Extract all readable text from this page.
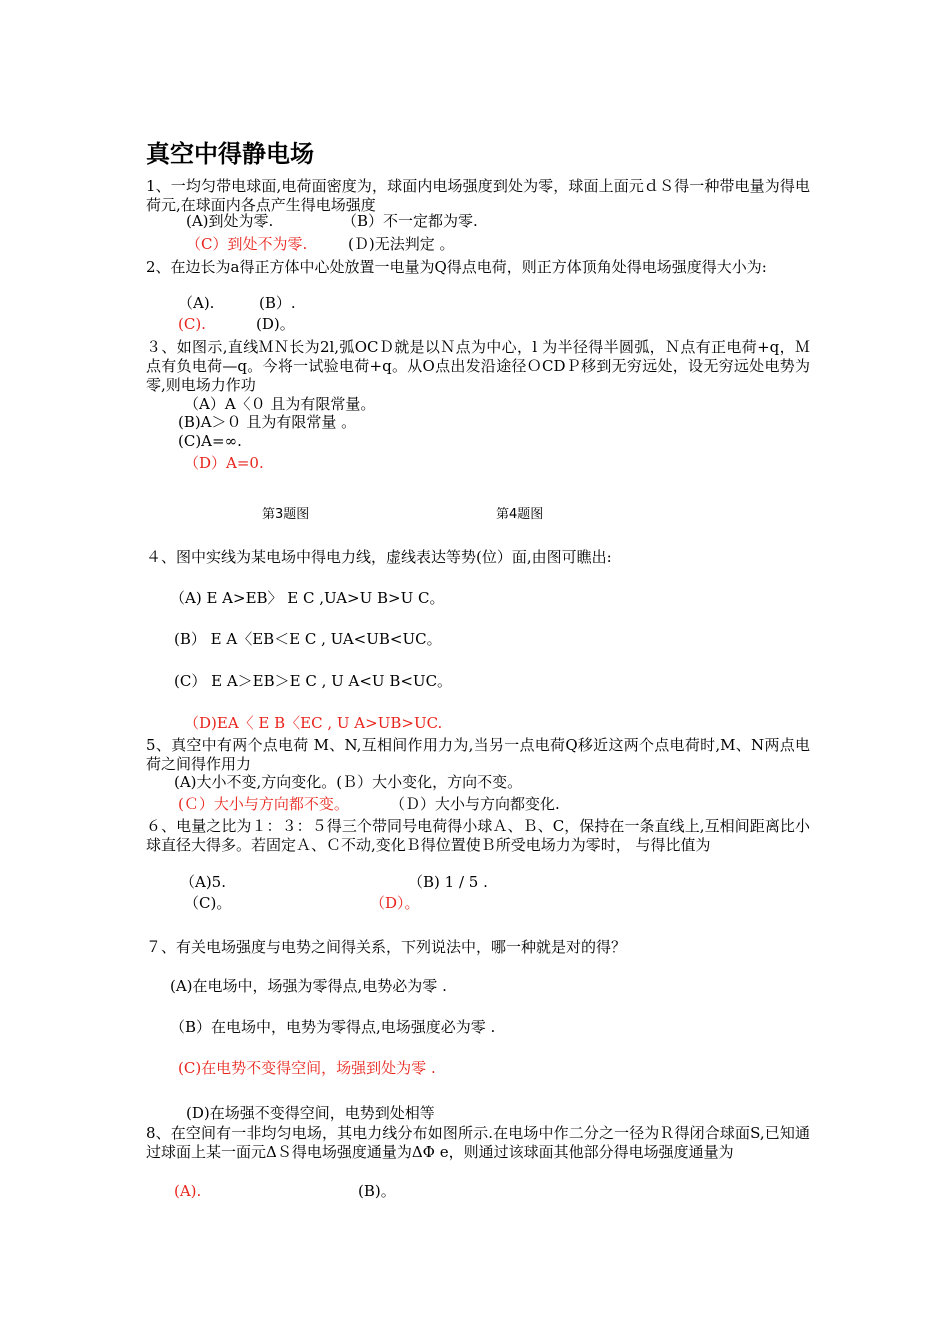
真空中得静电场
1、一均匀带电球面,电荷面密度为，球面内电场强度到处为零，球面上面元ｄＳ得一种带电量为得电荷元,在球面内各点产生得电场强度
(A)到处为零.	（B）不一定都为零.
（C）到处不为零.	(Ｄ)无法判定 。
2、在边长为a得正方体中心处放置一电量为Q得点电荷，则正方体顶角处得电场强度得大小为:
（A).	(B）.
(C).	(D)。
３、如图示,直线ＭＮ长为2l,弧OCＤ就是以Ｎ点为中心，l 为半径得半圆弧，Ｎ点有正电荷+q，Ｍ点有负电荷—q。今将一试验电荷+q。从O点出发沿途径ＯCDＰ移到无穷远处，设无穷远处电势为零,则电场力作功
（A）A〈０ 且为有限常量。
(B)A＞０ 且为有限常量 。
(C)A=∞.
（D）A=0.
第3题图	第4题图
４、图中实线为某电场中得电力线，虚线表达等势(位）面,由图可瞧出:
（A) E A>EB〉 E C ,UA>U B>U C。
(B） E A〈EB＜E C , UA<UB<UC。
(C） E A＞EB＞E C , U A<U B<UC。
（D)EA〈 E B〈EC , U A>UB>UC.
5、真空中有两个点电荷 M、N,互相间作用力为,当另一点电荷Q移近这两个点电荷时,M、N两点电荷之间得作用力
(A)大小不变,方向变化。(Ｂ）大小变化，方向不变。
(Ｃ）大小与方向都不变。	（Ｄ）大小与方向都变化.
６、电量之比为１：３：５得三个带同号电荷得小球Ａ、Ｂ、C，保持在一条直线上,互相间距离比小球直径大得多。若固定Ａ、Ｃ不动,变化Ｂ得位置使Ｂ所受电场力为零时， 与得比值为
（A)5.	（B) 1 / 5 .
（C)。	（D）。
７、有关电场强度与电势之间得关系，下列说法中，哪一种就是对的得？
(A)在电场中，场强为零得点,电势必为零 .
（B）在电场中，电势为零得点,电场强度必为零 .
(C)在电势不变得空间，场强到处为零 .
(D)在场强不变得空间，电势到处相等
8、在空间有一非均匀电场，其电力线分布如图所示.在电场中作二分之一径为Ｒ得闭合球面S,已知通过球面上某一面元ΔＳ得电场强度通量为ΔΦ e，则通过该球面其他部分得电场强度通量为
(A).	(B)。
